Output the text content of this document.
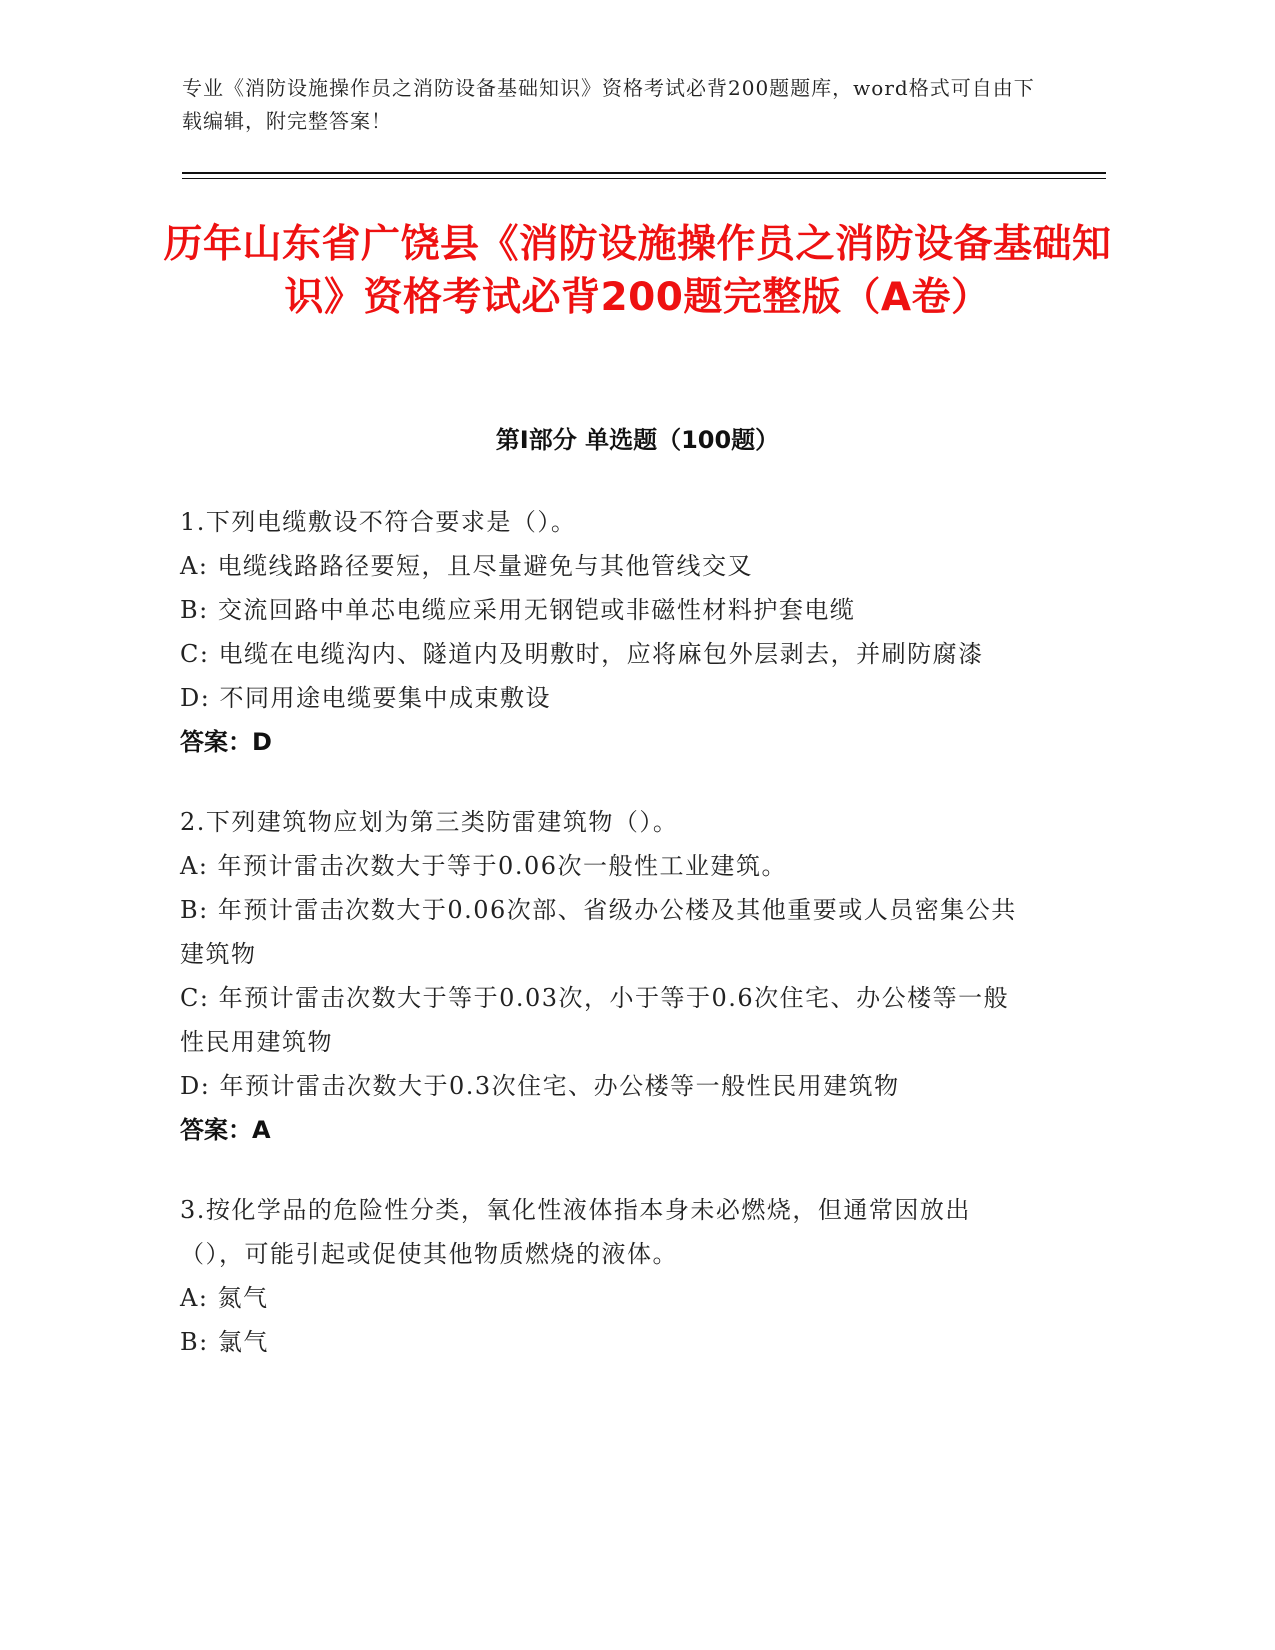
专业《消防设施操作员之消防设备基础知识》资格考试必背200题题库，word格式可自由下载编辑，附完整答案！
历年山东省广饶县《消防设施操作员之消防设备基础知识》资格考试必背200题完整版（A卷）
第Ⅰ部分 单选题（100题）

1.下列电缆敷设不符合要求是（）。

A: 电缆线路路径要短，且尽量避免与其他管线交叉

B: 交流回路中单芯电缆应采用无钢铠或非磁性材料护套电缆

C: 电缆在电缆沟内、隧道内及明敷时，应将麻包外层剥去，并刷防腐漆

D: 不同用途电缆要集中成束敷设

答案：D

2.下列建筑物应划为第三类防雷建筑物（）。

A: 年预计雷击次数大于等于0.06次一般性工业建筑。

B: 年预计雷击次数大于0.06次部、省级办公楼及其他重要或人员密集公共建筑物

C: 年预计雷击次数大于等于0.03次，小于等于0.6次住宅、办公楼等一般性民用建筑物

D: 年预计雷击次数大于0.3次住宅、办公楼等一般性民用建筑物

答案：A

3.按化学品的危险性分类，氧化性液体指本身未必燃烧，但通常因放出（），可能引起或促使其他物质燃烧的液体。

A: 氮气

B: 氯气
